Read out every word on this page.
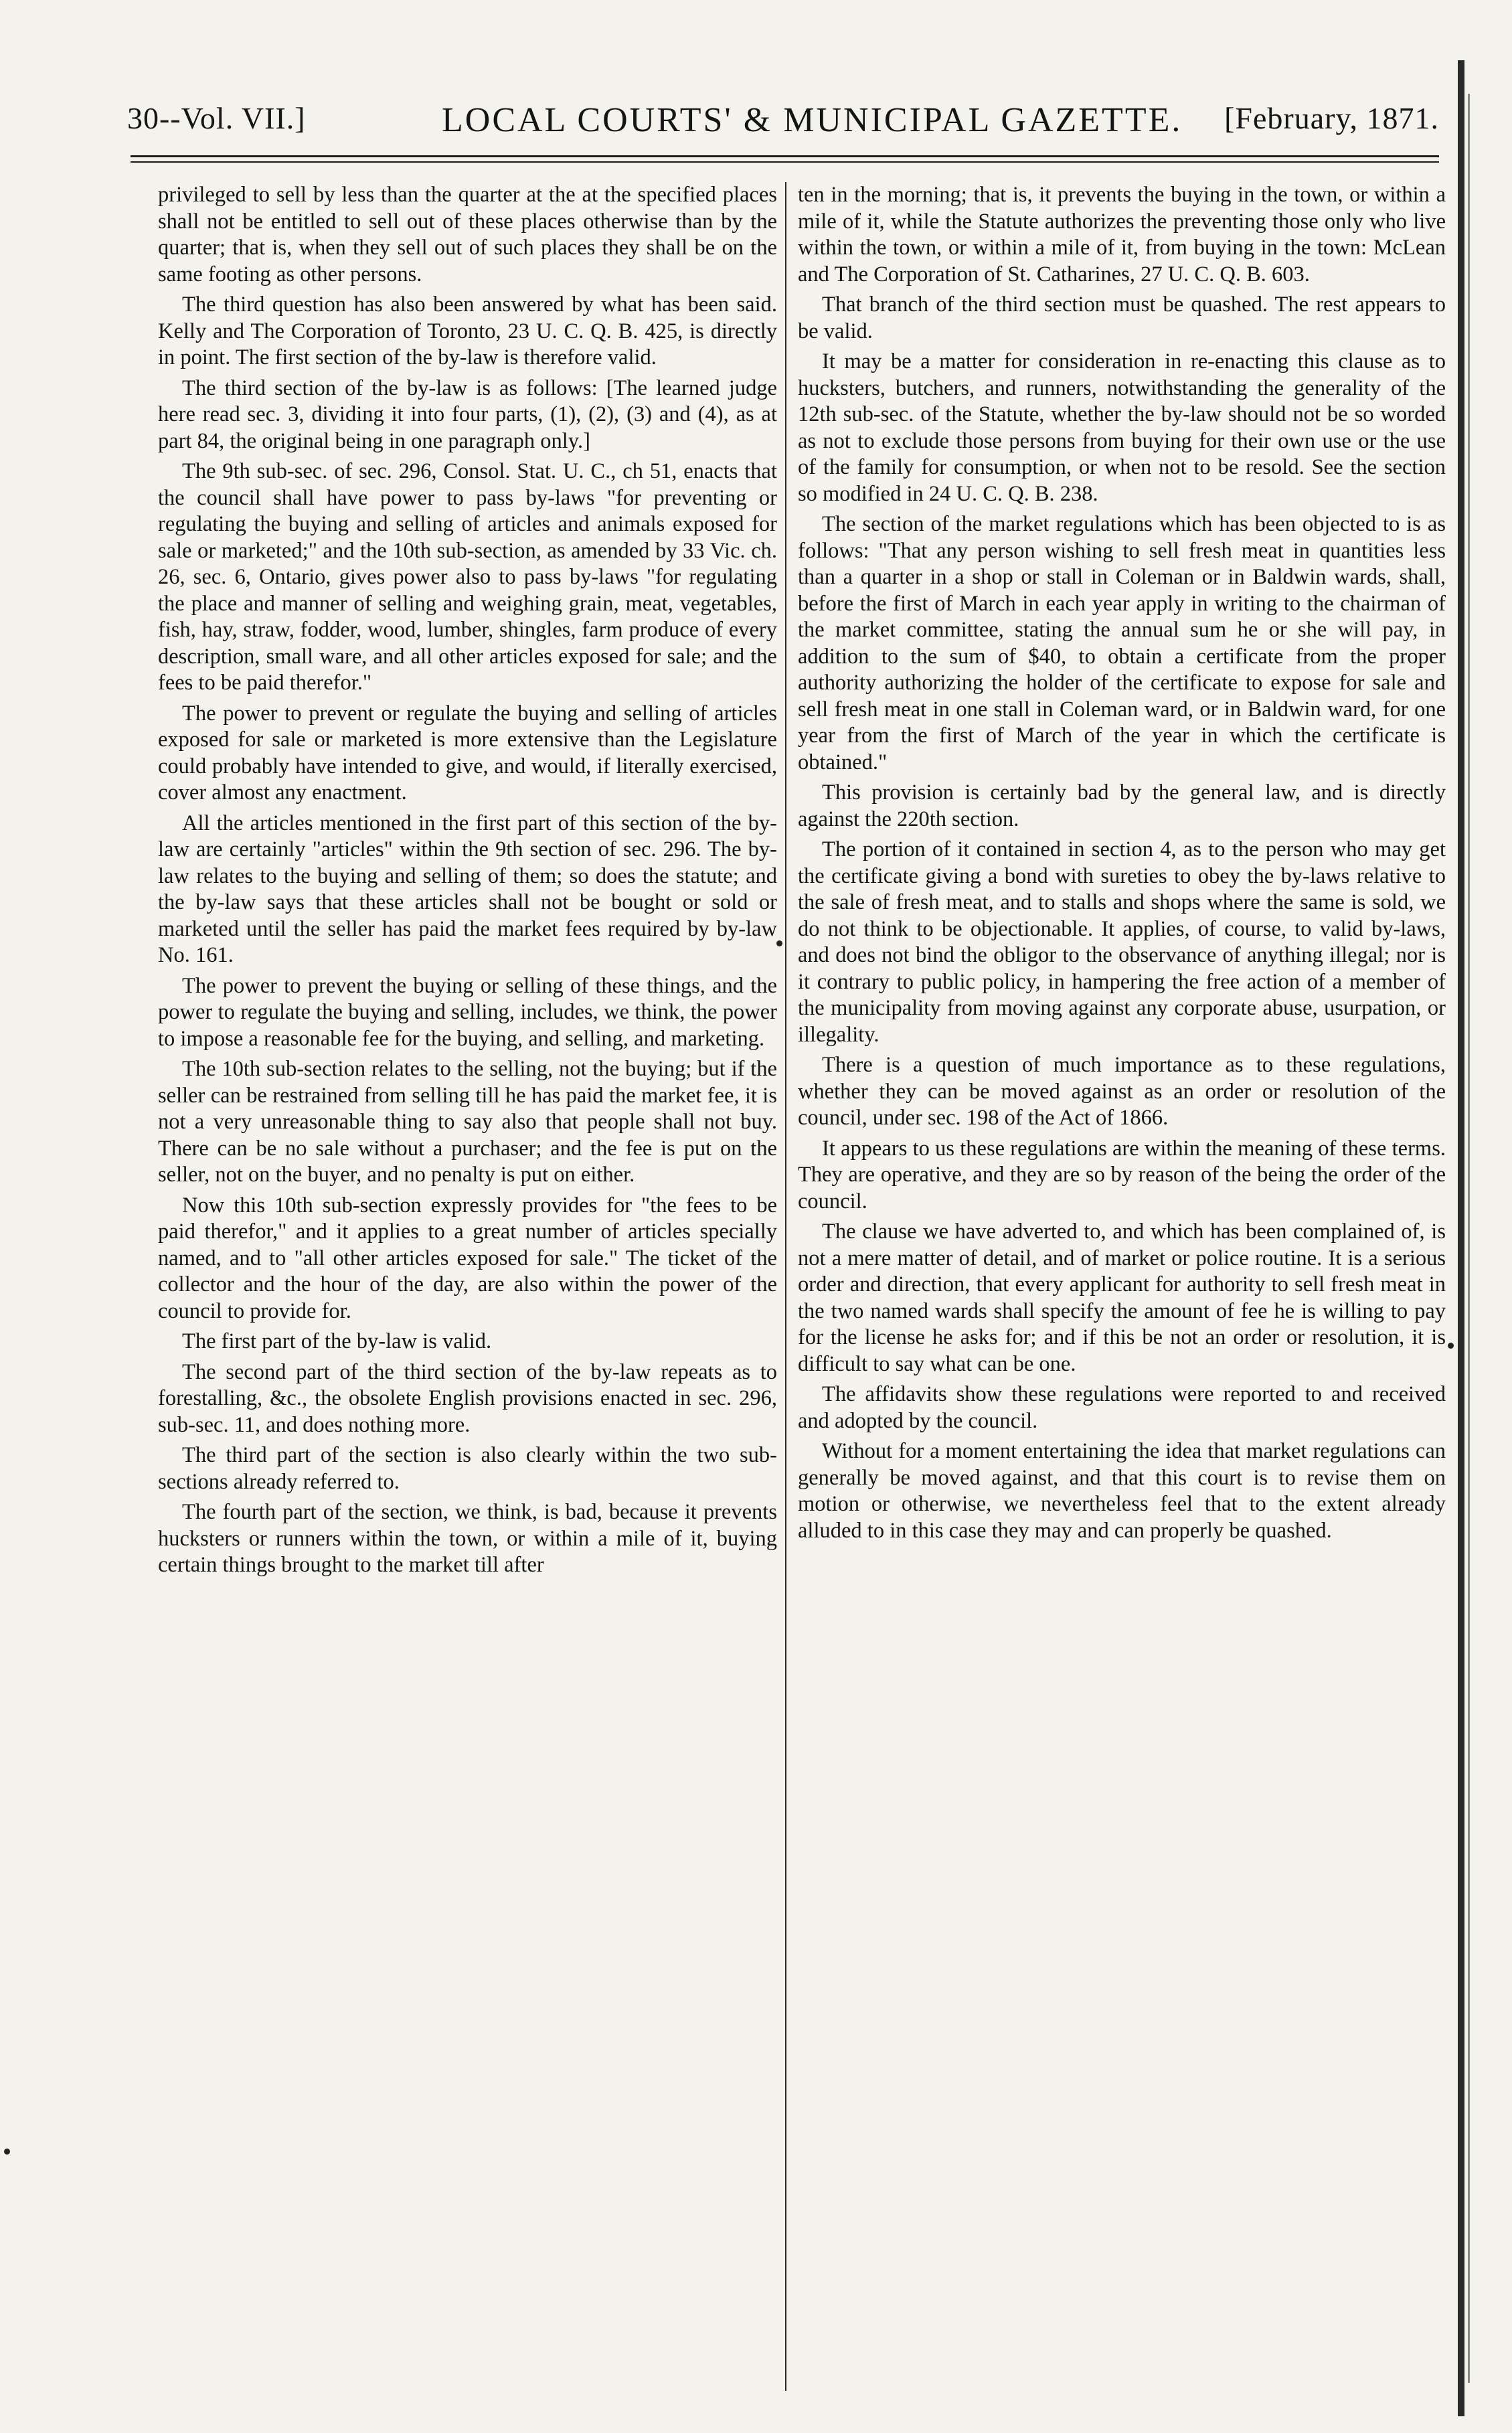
30--Vol. VII.]	LOCAL COURTS' & MUNICIPAL GAZETTE. [February, 1871.

privileged to sell by less than the quarter at the at the specified places shall not be entitled to sell out of these places otherwise than by the quarter; that is, when they sell out of such places they shall be on the same footing as other persons.

The third question has also been answered by what has been said. Kelly and The Corporation of Toronto, 23 U. C. Q. B. 425, is directly in point. The first section of the by-law is therefore valid.

The third section of the by-law is as follows: [The learned judge here read sec. 3, dividing it into four parts, (1), (2), (3) and (4), as at part 84, the original being in one paragraph only.]

The 9th sub-sec. of sec. 296, Consol. Stat. U. C., ch 51, enacts that the council shall have power to pass by-laws "for preventing or regulating the buying and selling of articles and animals exposed for sale or marketed;" and the 10th sub-section, as amended by 33 Vic. ch. 26, sec. 6, Ontario, gives power also to pass by-laws "for regulating the place and manner of selling and weighing grain, meat, vegetables, fish, hay, straw, fodder, wood, lumber, shingles, farm produce of every description, small ware, and all other articles exposed for sale; and the fees to be paid therefor."

The power to prevent or regulate the buying and selling of articles exposed for sale or marketed is more extensive than the Legislature could probably have intended to give, and would, if literally exercised, cover almost any enactment.

All the articles mentioned in the first part of this section of the by-law are certainly "articles" within the 9th section of sec. 296. The by-law relates to the buying and selling of them; so does the statute; and the by-law says that these articles shall not be bought or sold or marketed until the seller has paid the market fees required by by-law No. 161.

The power to prevent the buying or selling of these things, and the power to regulate the buying and selling, includes, we think, the power to impose a reasonable fee for the buying, and selling, and marketing.

The 10th sub-section relates to the selling, not the buying; but if the seller can be restrained from selling till he has paid the market fee, it is not a very unreasonable thing to say also that people shall not buy. There can be no sale without a purchaser; and the fee is put on the seller, not on the buyer, and no penalty is put on either.

Now this 10th sub-section expressly provides for "the fees to be paid therefor," and it applies to a great number of articles specially named, and to "all other articles exposed for sale." The ticket of the collector and the hour of the day, are also within the power of the council to provide for.

The first part of the by-law is valid.

The second part of the third section of the by-law repeats as to forestalling, &c., the obsolete English provisions enacted in sec. 296, sub-sec. 11, and does nothing more.

The third part of the section is also clearly within the two sub-sections already referred to.

The fourth part of the section, we think, is bad, because it prevents hucksters or runners within the town, or within a mile of it, buying certain things brought to the market till after

ten in the morning; that is, it prevents the buying in the town, or within a mile of it, while the Statute authorizes the preventing those only who live within the town, or within a mile of it, from buying in the town: McLean and The Corporation of St. Catharines, 27 U. C. Q. B. 603.

That branch of the third section must be quashed. The rest appears to be valid.

It may be a matter for consideration in re-enacting this clause as to hucksters, butchers, and runners, notwithstanding the generality of the 12th sub-sec. of the Statute, whether the by-law should not be so worded as not to exclude those persons from buying for their own use or the use of the family for consumption, or when not to be resold. See the section so modified in 24 U. C. Q. B. 238.

The section of the market regulations which has been objected to is as follows: "That any person wishing to sell fresh meat in quantities less than a quarter in a shop or stall in Coleman or in Baldwin wards, shall, before the first of March in each year apply in writing to the chairman of the market committee, stating the annual sum he or she will pay, in addition to the sum of $40, to obtain a certificate from the proper authority authorizing the holder of the certificate to expose for sale and sell fresh meat in one stall in Coleman ward, or in Baldwin ward, for one year from the first of March of the year in which the certificate is obtained."

This provision is certainly bad by the general law, and is directly against the 220th section.

The portion of it contained in section 4, as to the person who may get the certificate giving a bond with sureties to obey the by-laws relative to the sale of fresh meat, and to stalls and shops where the same is sold, we do not think to be objectionable. It applies, of course, to valid by-laws, and does not bind the obligor to the observance of anything illegal; nor is it contrary to public policy, in hampering the free action of a member of the municipality from moving against any corporate abuse, usurpation, or illegality.

There is a question of much importance as to these regulations, whether they can be moved against as an order or resolution of the council, under sec. 198 of the Act of 1866.

It appears to us these regulations are within the meaning of these terms. They are operative, and they are so by reason of the being the order of the council.

The clause we have adverted to, and which has been complained of, is not a mere matter of detail, and of market or police routine. It is a serious order and direction, that every applicant for authority to sell fresh meat in the two named wards shall specify the amount of fee he is willing to pay for the license he asks for; and if this be not an order or resolution, it is difficult to say what can be one.

The affidavits show these regulations were reported to and received and adopted by the council.

Without for a moment entertaining the idea that market regulations can generally be moved against, and that this court is to revise them on motion or otherwise, we nevertheless feel that to the extent already alluded to in this case they may and can properly be quashed.
